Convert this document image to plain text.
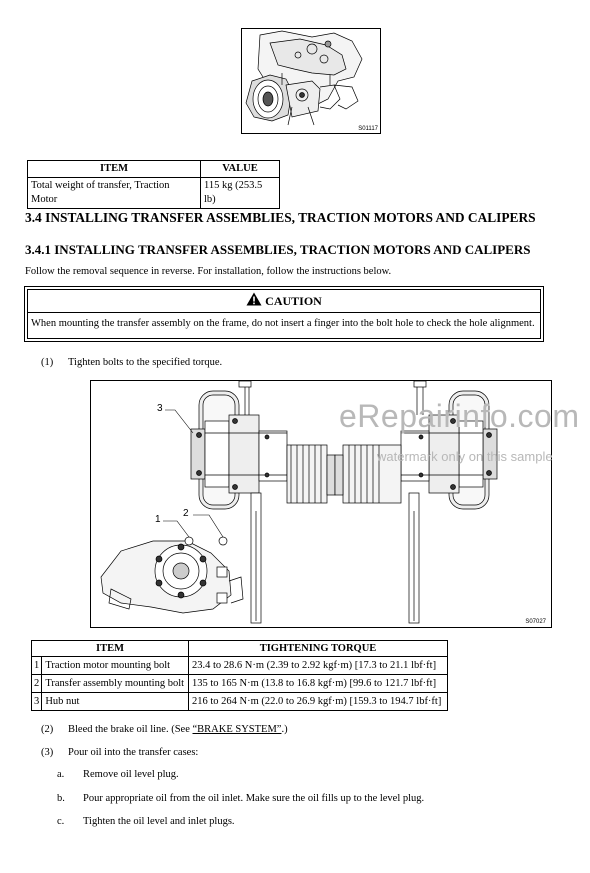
S01117
ITEM	VALUE
Total weight of transfer, Traction Motor	115 kg (253.5 lb)
3.4 INSTALLING TRANSFER ASSEMBLIES, TRACTION MOTORS AND CALIPERS
3.4.1 INSTALLING TRANSFER ASSEMBLIES, TRACTION MOTORS AND CALIPERS
Follow the removal sequence in reverse. For installation, follow the instructions below.
CAUTION
When mounting the transfer assembly on the frame, do not insert a finger into the bolt hole to check the hole alignment.
(1) Tighten bolts to the specified torque.
3
1
2
S07027
eRepairinfo.com
watermark only on this sample
ITEM		TIGHTENING TORQUE
1	Traction motor mounting bolt	23.4 to 28.6 N·m (2.39 to 2.92 kgf·m) [17.3 to 21.1 lbf·ft]
2	Transfer assembly mounting bolt	135 to 165 N·m (13.8 to 16.8 kgf·m) [99.6 to 121.7 lbf·ft]
3	Hub nut	216 to 264 N·m (22.0 to 26.9 kgf·m) [159.3 to 194.7 lbf·ft]
(2) Bleed the brake oil line. (See “BRAKE SYSTEM”.)
(3) Pour oil into the transfer cases:
a. Remove oil level plug.
b. Pour appropriate oil from the oil inlet. Make sure the oil fills up to the level plug.
c. Tighten the oil level and inlet plugs.
